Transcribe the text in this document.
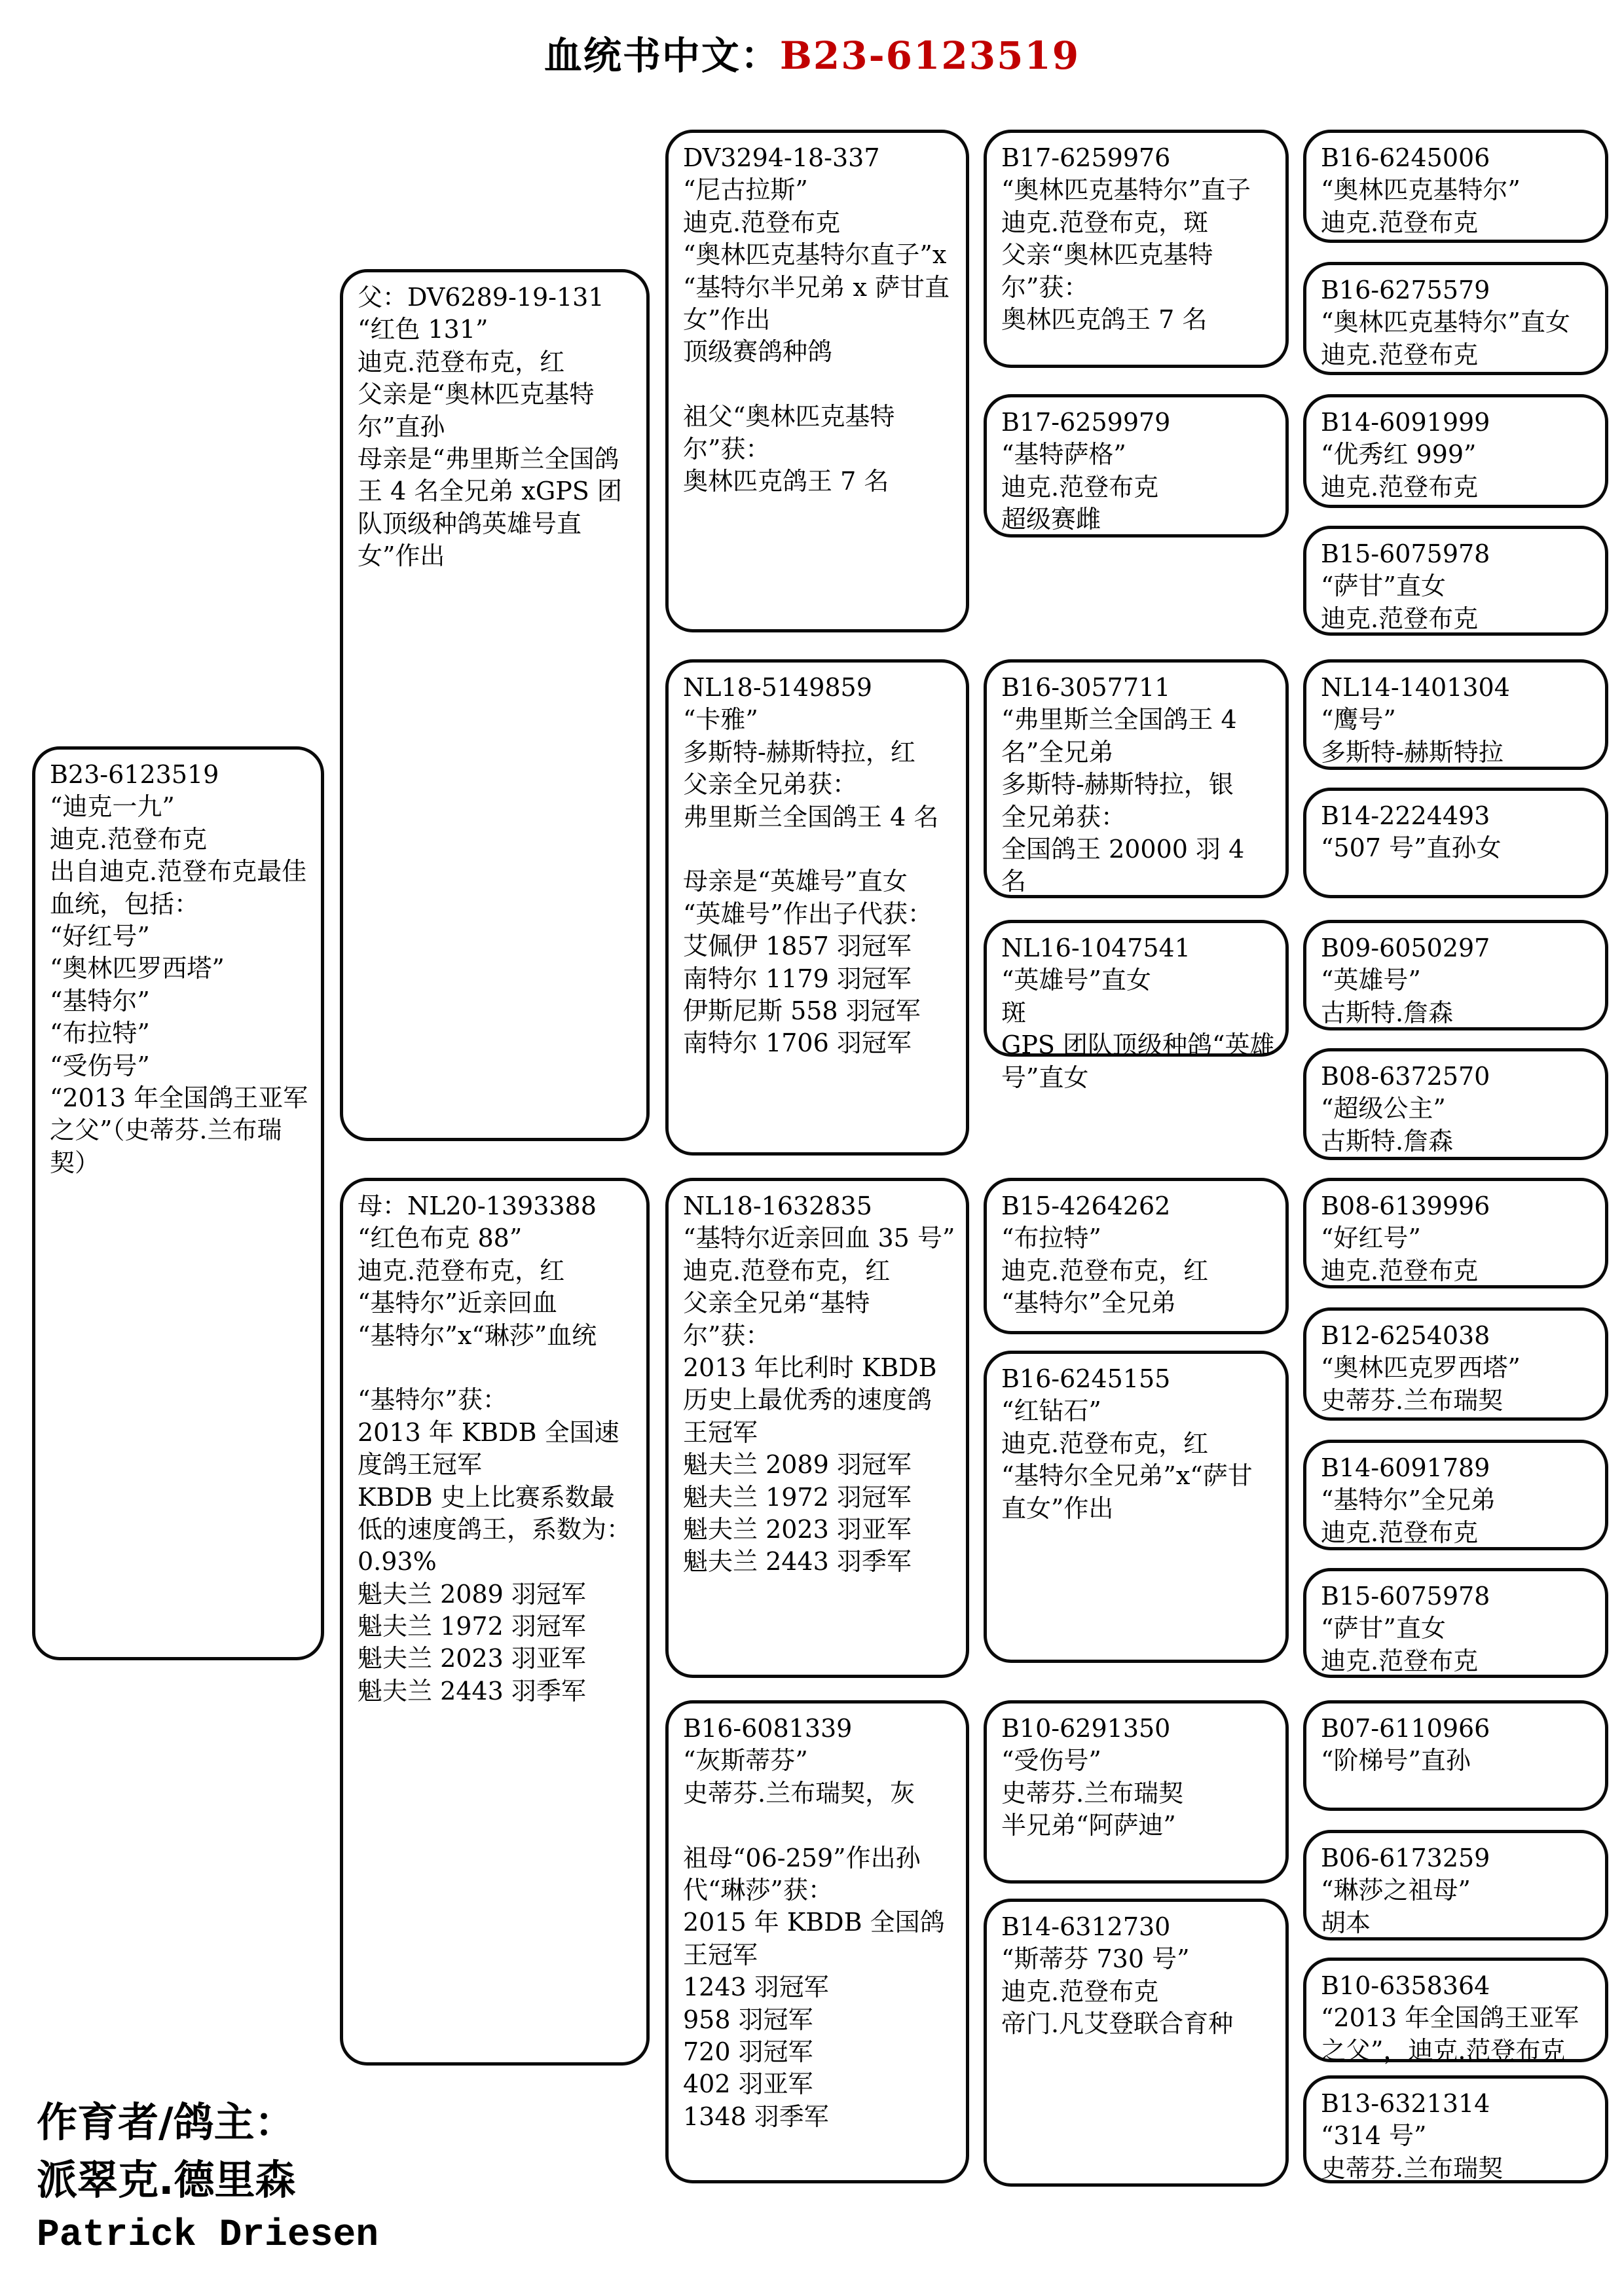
血统书中文：B23-6123519
B23-6123519
“迪克一九”
迪克.范登布克
出自迪克.范登布克最佳血统，包括：
“好红号”
“奥林匹罗西塔”
“基特尔”
“布拉特”
“受伤号”
“2013 年全国鸽王亚军之父”（史蒂芬.兰布瑞契）
父：DV6289-19-131
“红色 131”
迪克.范登布克，红
父亲是“奥林匹克基特尔”直孙
母亲是“弗里斯兰全国鸽王 4 名全兄弟 xGPS 团队顶级种鸽英雄号直女”作出
母：NL20-1393388
“红色布克 88”
迪克.范登布克，红
“基特尔”近亲回血
“基特尔”x“琳莎”血统

“基特尔”获：
2013 年 KBDB 全国速度鸽王冠军
KBDB 史上比赛系数最低的速度鸽王，系数为：0.93%
魁夫兰 2089 羽冠军
魁夫兰 1972 羽冠军
魁夫兰 2023 羽亚军
魁夫兰 2443 羽季军
DV3294-18-337
“尼古拉斯”
迪克.范登布克
“奥林匹克基特尔直子”x
“基特尔半兄弟 x 萨甘直女”作出
顶级赛鸽种鸽

祖父“奥林匹克基特尔”获：
奥林匹克鸽王 7 名
NL18-5149859
“卡雅”
多斯特-赫斯特拉，红
父亲全兄弟获：
弗里斯兰全国鸽王 4 名

母亲是“英雄号”直女
“英雄号”作出子代获：
艾佩伊 1857 羽冠军
南特尔 1179 羽冠军
伊斯尼斯 558 羽冠军
南特尔 1706 羽冠军
NL18-1632835
“基特尔近亲回血 35 号”
迪克.范登布克，红
父亲全兄弟“基特尔”获：
2013 年比利时 KBDB 历史上最优秀的速度鸽王冠军
魁夫兰 2089 羽冠军
魁夫兰 1972 羽冠军
魁夫兰 2023 羽亚军
魁夫兰 2443 羽季军
B16-6081339
“灰斯蒂芬”
史蒂芬.兰布瑞契，灰

祖母“06-259”作出孙代“琳莎”获：
2015 年 KBDB 全国鸽王冠军
1243 羽冠军
958 羽冠军
720 羽冠军
402 羽亚军
1348 羽季军
B17-6259976
“奥林匹克基特尔”直子
迪克.范登布克，斑
父亲“奥林匹克基特尔”获：
奥林匹克鸽王 7 名
B17-6259979
“基特萨格”
迪克.范登布克
超级赛雌
B16-3057711
“弗里斯兰全国鸽王 4 名”全兄弟
多斯特-赫斯特拉，银
全兄弟获：
全国鸽王 20000 羽 4 名
NL16-1047541
“英雄号”直女
斑
GPS 团队顶级种鸽“英雄号”直女
B15-4264262
“布拉特”
迪克.范登布克，红
“基特尔”全兄弟
B16-6245155
“红钻石”
迪克.范登布克，红
“基特尔全兄弟”x“萨甘直女”作出
B10-6291350
“受伤号”
史蒂芬.兰布瑞契
半兄弟“阿萨迪”
B14-6312730
“斯蒂芬 730 号”
迪克.范登布克
帝门.凡艾登联合育种
B16-6245006
“奥林匹克基特尔”
迪克.范登布克
B16-6275579
“奥林匹克基特尔”直女
迪克.范登布克
B14-6091999
“优秀红 999”
迪克.范登布克
B15-6075978
“萨甘”直女
迪克.范登布克
NL14-1401304
“鹰号”
多斯特-赫斯特拉
B14-2224493
“507 号”直孙女
B09-6050297
“英雄号”
古斯特.詹森
B08-6372570
“超级公主”
古斯特.詹森
B08-6139996
“好红号”
迪克.范登布克
B12-6254038
“奥林匹克罗西塔”
史蒂芬.兰布瑞契
B14-6091789
“基特尔”全兄弟
迪克.范登布克
B15-6075978
“萨甘”直女
迪克.范登布克
B07-6110966
“阶梯号”直孙
B06-6173259
“琳莎之祖母”
胡本
B10-6358364
“2013 年全国鸽王亚军之父”，迪克.范登布克
B13-6321314
“314 号”
史蒂芬.兰布瑞契
作育者/鸽主：
派翠克.德里森
Patrick Driesen
